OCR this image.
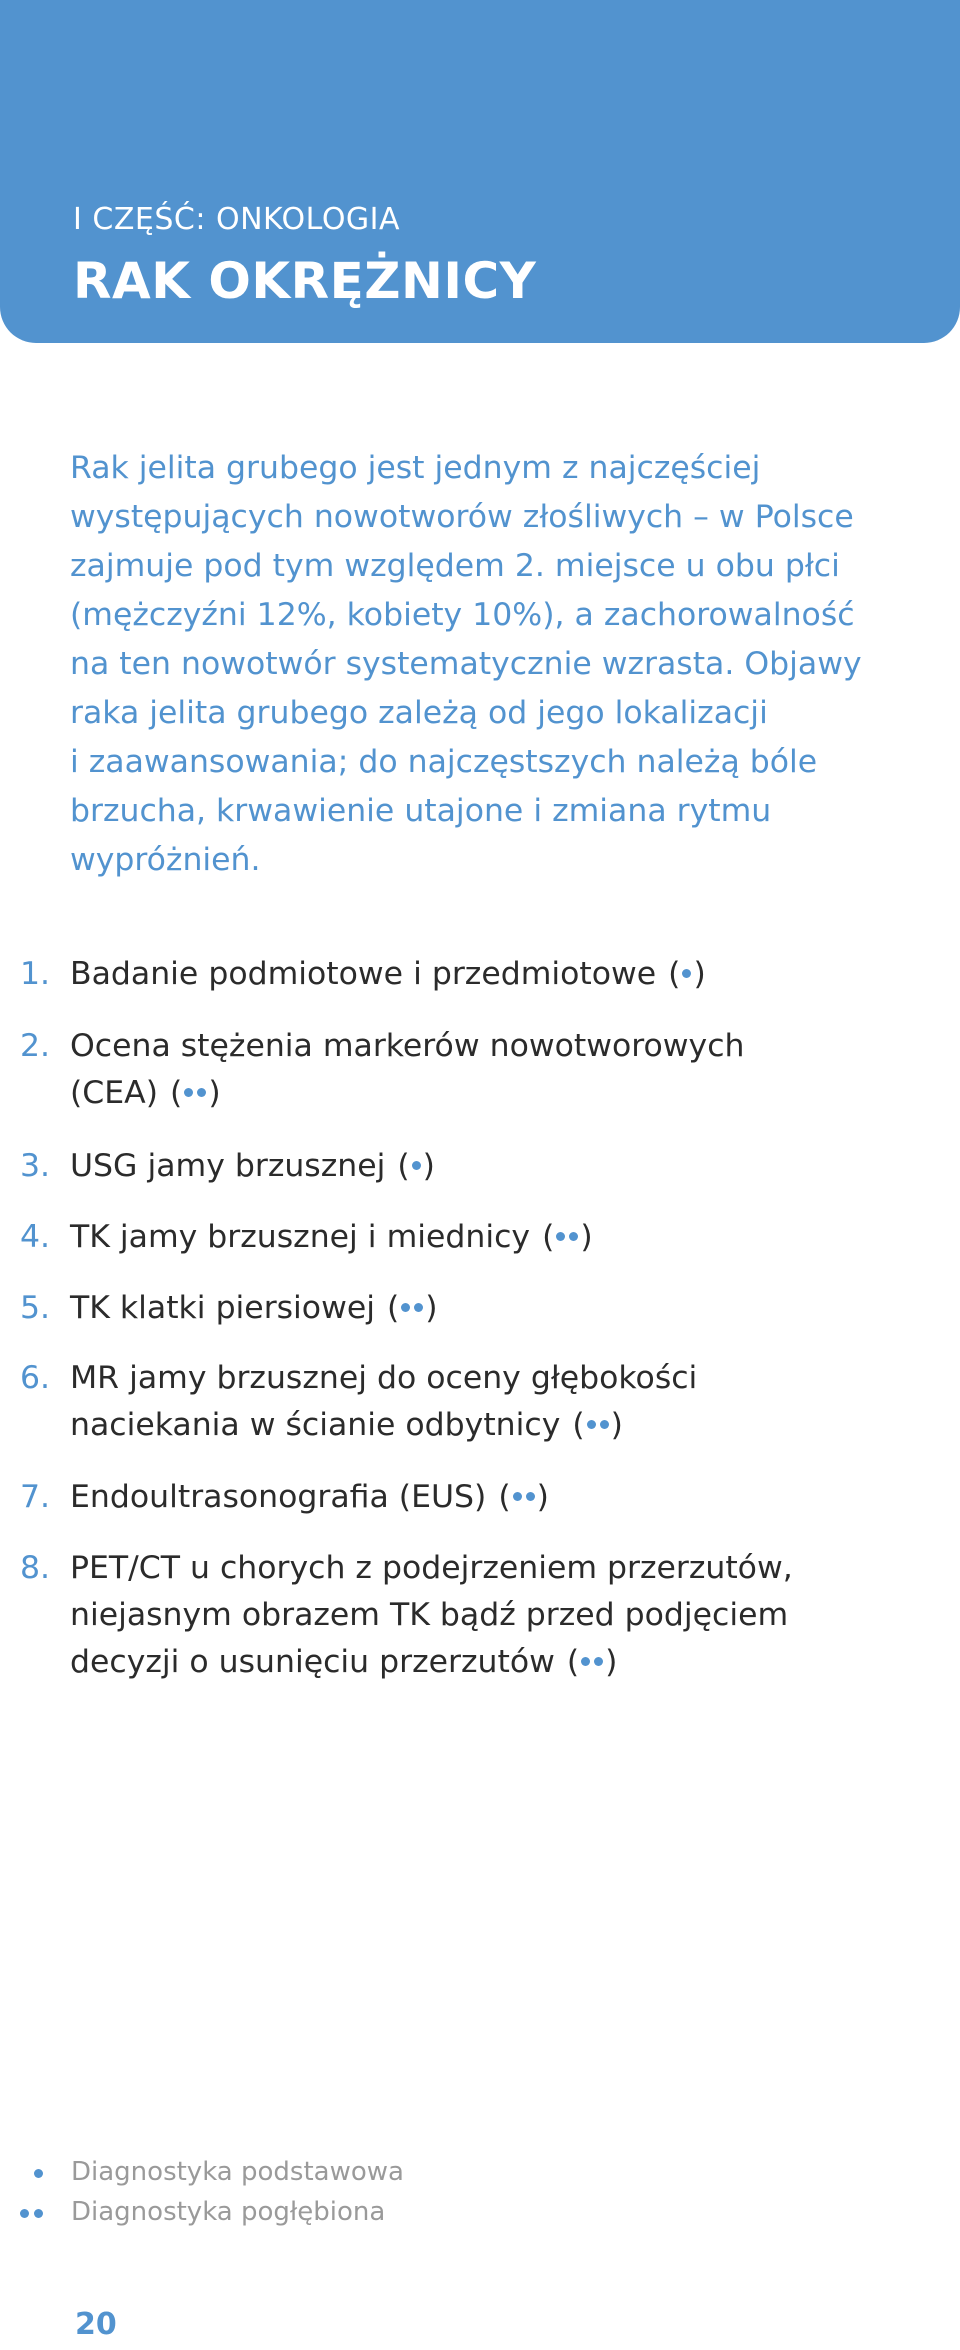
I CZĘŚĆ: ONKOLOGIA
RAK OKRĘŻNICY

Rak jelita grubego jest jednym z najczęściej
występujących nowotworów złośliwych – w Polsce
zajmuje pod tym względem 2. miejsce u obu płci
(mężczyźni 12%, kobiety 10%), a zachorowalność
na ten nowotwór systematycznie wzrasta. Objawy
raka jelita grubego zależą od jego lokalizacji
i zaawansowania; do najczęstszych należą bóle
brzucha, krwawienie utajone i zmiana rytmu
wypróżnień.

1. Badanie podmiotowe i przedmiotowe ( )
2. Ocena stężenia markerów nowotworowych
(CEA) ( )
3. USG jamy brzusznej ( )
4. TK jamy brzusznej i miednicy ( )
5. TK klatki piersiowej ( )
6. MR jamy brzusznej do oceny głębokości
naciekania w ścianie odbytnicy ( )
7. Endoultrasonografia (EUS) ( )
8. PET/CT u chorych z podejrzeniem przerzutów,
niejasnym obrazem TK bądź przed podjęciem
decyzji o usunięciu przerzutów ( )
Diagnostyka podstawowa
Diagnostyka pogłębiona
20
